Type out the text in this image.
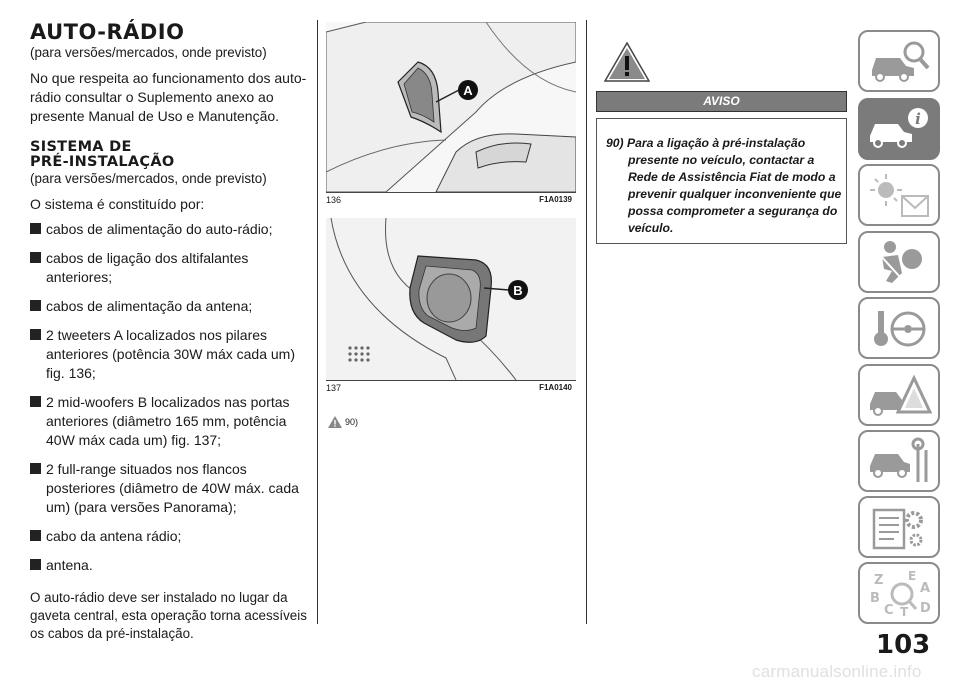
AUTO-RÁDIO
(para versões/mercados, onde previsto)
No que respeita ao funcionamento dos auto-rádio consultar o Suplemento anexo ao presente Manual de Uso e Manutenção.
SISTEMA DE
PRÉ-INSTALAÇÃO
(para versões/mercados, onde previsto)
O sistema é constituído por:
cabos de alimentação do auto-rádio;
cabos de ligação dos altifalantes anteriores;
cabos de alimentação da antena;
2 tweeters A localizados nos pilares anteriores (potência 30W máx cada um) fig. 136;
2 mid-woofers B localizados nas portas anteriores (diâmetro 165 mm, potência 40W máx cada um) fig. 137;
2 full-range situados nos flancos posteriores (diâmetro de 40W máx. cada um) (para versões Panorama);
cabo da antena rádio;
antena.
O auto-rádio deve ser instalado no lugar da gaveta central, esta operação torna acessíveis os cabos da pré-instalação.
A
136	F1A0139
B
137	F1A0140
90)
AVISO
90) Para a ligação à pré-instalação
presente no veículo, contactar a Rede de Assistência Fiat de modo a prevenir qualquer inconveniente que possa comprometer a segurança do veículo.
i
Z E
A
B
C T D
103
carmanualsonline.info
